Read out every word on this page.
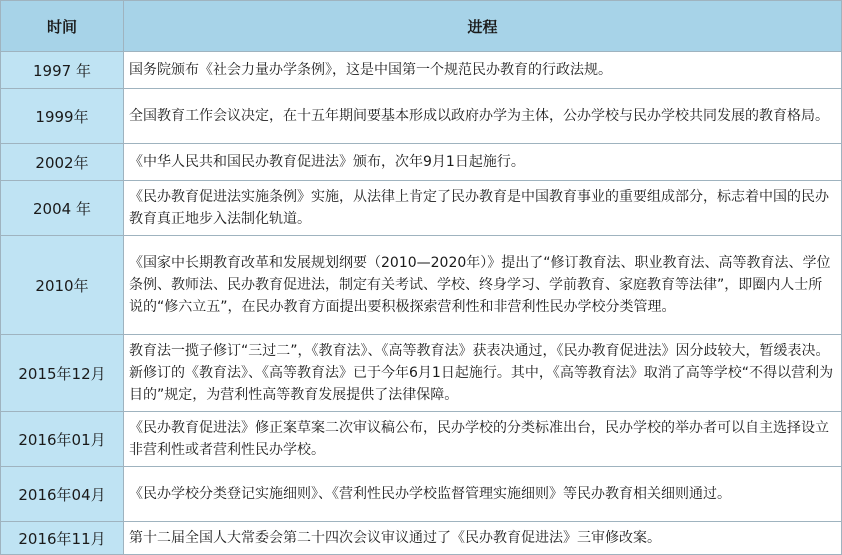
时间	进程
1997 年	国务院颁布《社会力量办学条例》，这是中国第一个规范民办教育的行政法规。
1999年	全国教育工作会议决定，在十五年期间要基本形成以政府办学为主体，公办学校与民办学校共同发展的教育格局。
2002年	《中华人民共和国民办教育促进法》颁布，次年9月1日起施行。
2004 年	《民办教育促进法实施条例》实施，从法律上肯定了民办教育是中国教育事业的重要组成部分，标志着中国的民办教育真正地步入法制化轨道。
2010年	《国家中长期教育改革和发展规划纲要（2010—2020年）》提出了“修订教育法、职业教育法、高等教育法、学位条例、教师法、民办教育促进法，制定有关考试、学校、终身学习、学前教育、家庭教育等法律”，即圈内人士所说的“修六立五”，在民办教育方面提出要积极探索营利性和非营利性民办学校分类管理。
2015年12月	教育法一揽子修订“三过二”，《教育法》、《高等教育法》获表决通过，《民办教育促进法》因分歧较大，暂缓表决。新修订的《教育法》、《高等教育法》已于今年6月1日起施行。其中，《高等教育法》取消了高等学校“不得以营利为目的”规定，为营利性高等教育发展提供了法律保障。
2016年01月	《民办教育促进法》修正案草案二次审议稿公布，民办学校的分类标准出台，民办学校的举办者可以自主选择设立非营利性或者营利性民办学校。
2016年04月	《民办学校分类登记实施细则》、《营利性民办学校监督管理实施细则》等民办教育相关细则通过。
2016年11月	第十二届全国人大常委会第二十四次会议审议通过了《民办教育促进法》三审修改案。
